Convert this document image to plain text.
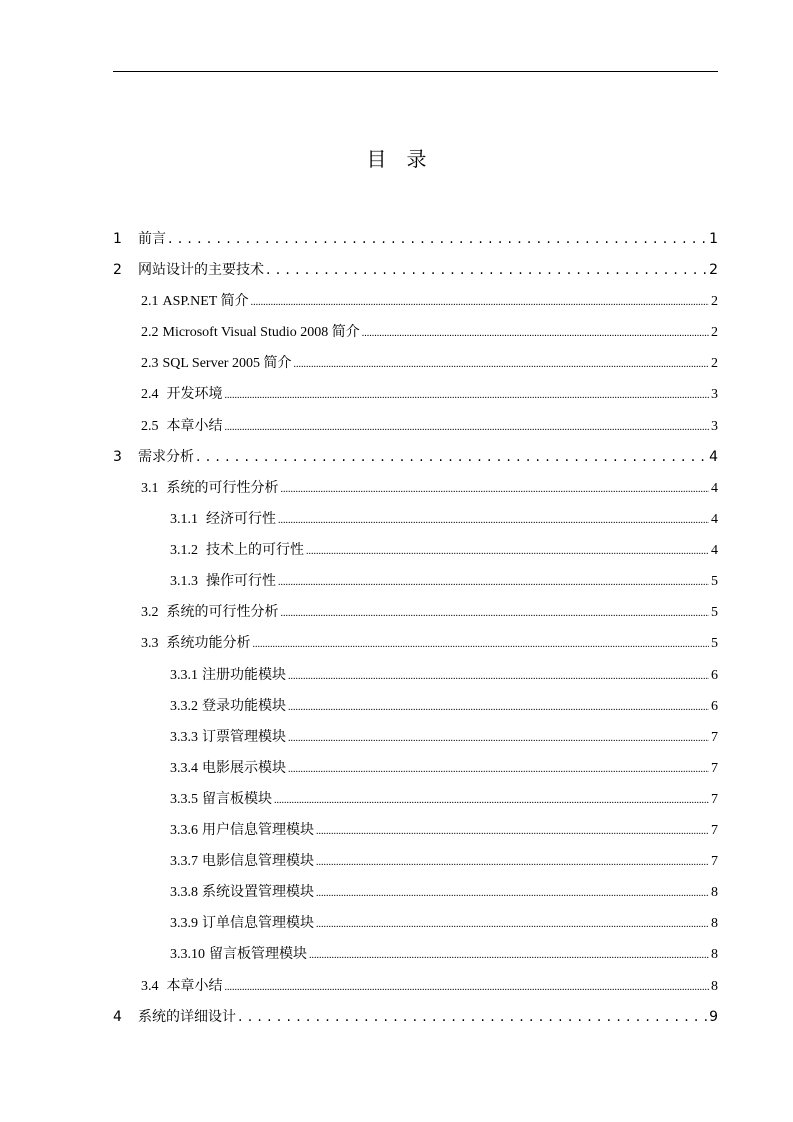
目　录
1	前言 . . .	1
2	网站设计的主要技术 . . .	2
2.1 ASP.NET 简介 .....	2
2.2 Microsoft Visual Studio 2008 简介 .....	2
2.3 SQL Server 2005 简介 .....	2
2.4 开发环境 .....	3
2.5 本章小结 .....	3
3	需求分析 . . .	4
3.1 系统的可行性分析 .....	4
3.1.1 经济可行性 .....	4
3.1.2 技术上的可行性 .....	4
3.1.3 操作可行性 .....	5
3.2 系统的可行性分析 .....	5
3.3 系统功能分析 .....	5
3.3.1 注册功能模块 .....	6
3.3.2 登录功能模块 .....	6
3.3.3 订票管理模块 .....	7
3.3.4 电影展示模块 .....	7
3.3.5 留言板模块 .....	7
3.3.6 用户信息管理模块 .....	7
3.3.7 电影信息管理模块 .....	7
3.3.8 系统设置管理模块 .....	8
3.3.9 订单信息管理模块 .....	8
3.3.10 留言板管理模块 .....	8
3.4 本章小结 .....	8
4	系统的详细设计 . . .	9
